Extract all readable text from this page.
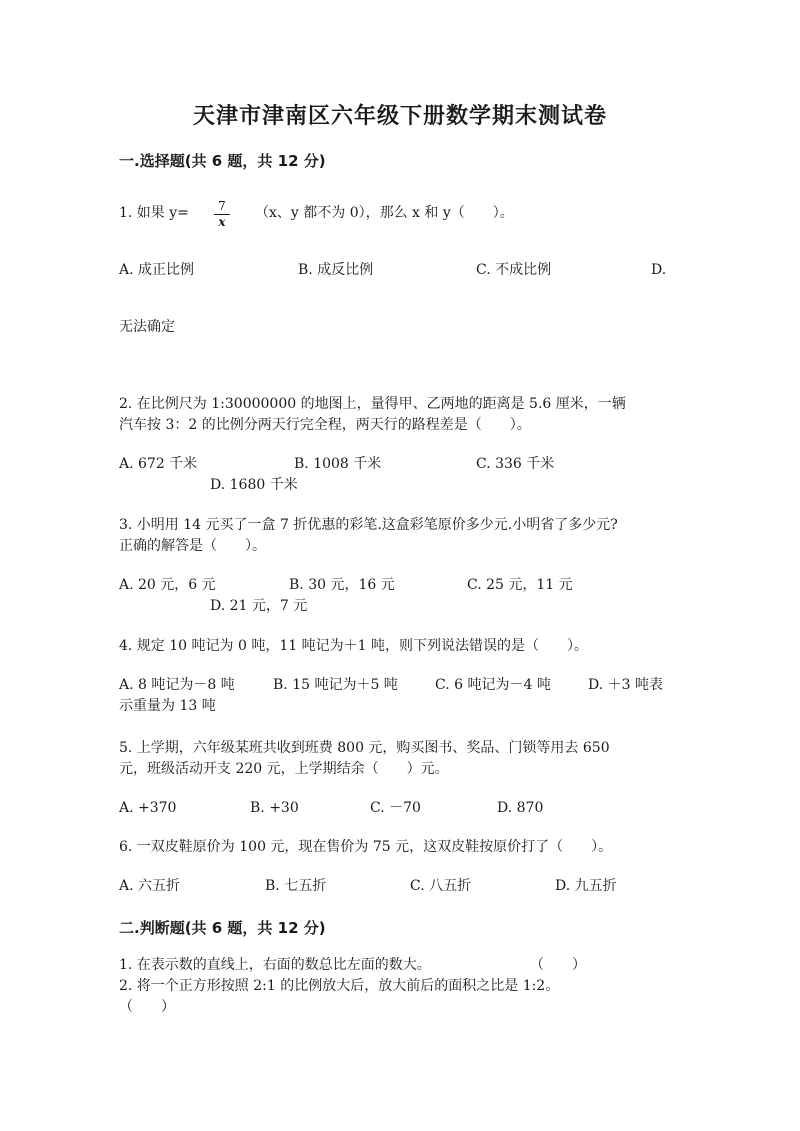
天津市津南区六年级下册数学期末测试卷
一.选择题(共 6 题，共 12 分)
1. 如果 $y= \frac{7}{x} (x$、y 都不为 0），那么 x 和 y（　　）。
A. 成正比例	B. 成反比例	C. 不成比例	D.
无法确定
2. 在比例尺为 1:30000000 的地图上，量得甲、乙两地的距离是 5.6 厘米，一辆
汽车按 3：2 的比例分两天行完全程，两天行的路程差是（　　）。
A. 672 千米	B. 1008 千米	C. 336 千米
D. 1680 千米
3. 小明用 14 元买了一盒 7 折优惠的彩笔.这盒彩笔原价多少元.小明省了多少元?
正确的解答是（　　）。
A. 20 元，6 元	B. 30 元，16 元	C. 25 元，11 元
D. 21 元，7 元
4. 规定 10 吨记为 0 吨，11 吨记为＋1 吨，则下列说法错误的是（　　）。
A. 8 吨记为－8 吨	B. 15 吨记为＋5 吨	C. 6 吨记为－4 吨	D. ＋3 吨表
示重量为 13 吨
5. 上学期，六年级某班共收到班费 800 元，购买图书、奖品、门锁等用去 650
元，班级活动开支 220 元，上学期结余（　　）元。
A. +370	B. +30	C. －70	D. 870
6. 一双皮鞋原价为 100 元，现在售价为 75 元，这双皮鞋按原价打了（　　）。
A. 六五折	B. 七五折	C. 八五折	D. 九五折
二.判断题(共 6 题，共 12 分)
1. 在表示数的直线上，右面的数总比左面的数大。	（　　）
2. 将一个正方形按照 2:1 的比例放大后，放大前后的面积之比是 1:2。
（　　）
